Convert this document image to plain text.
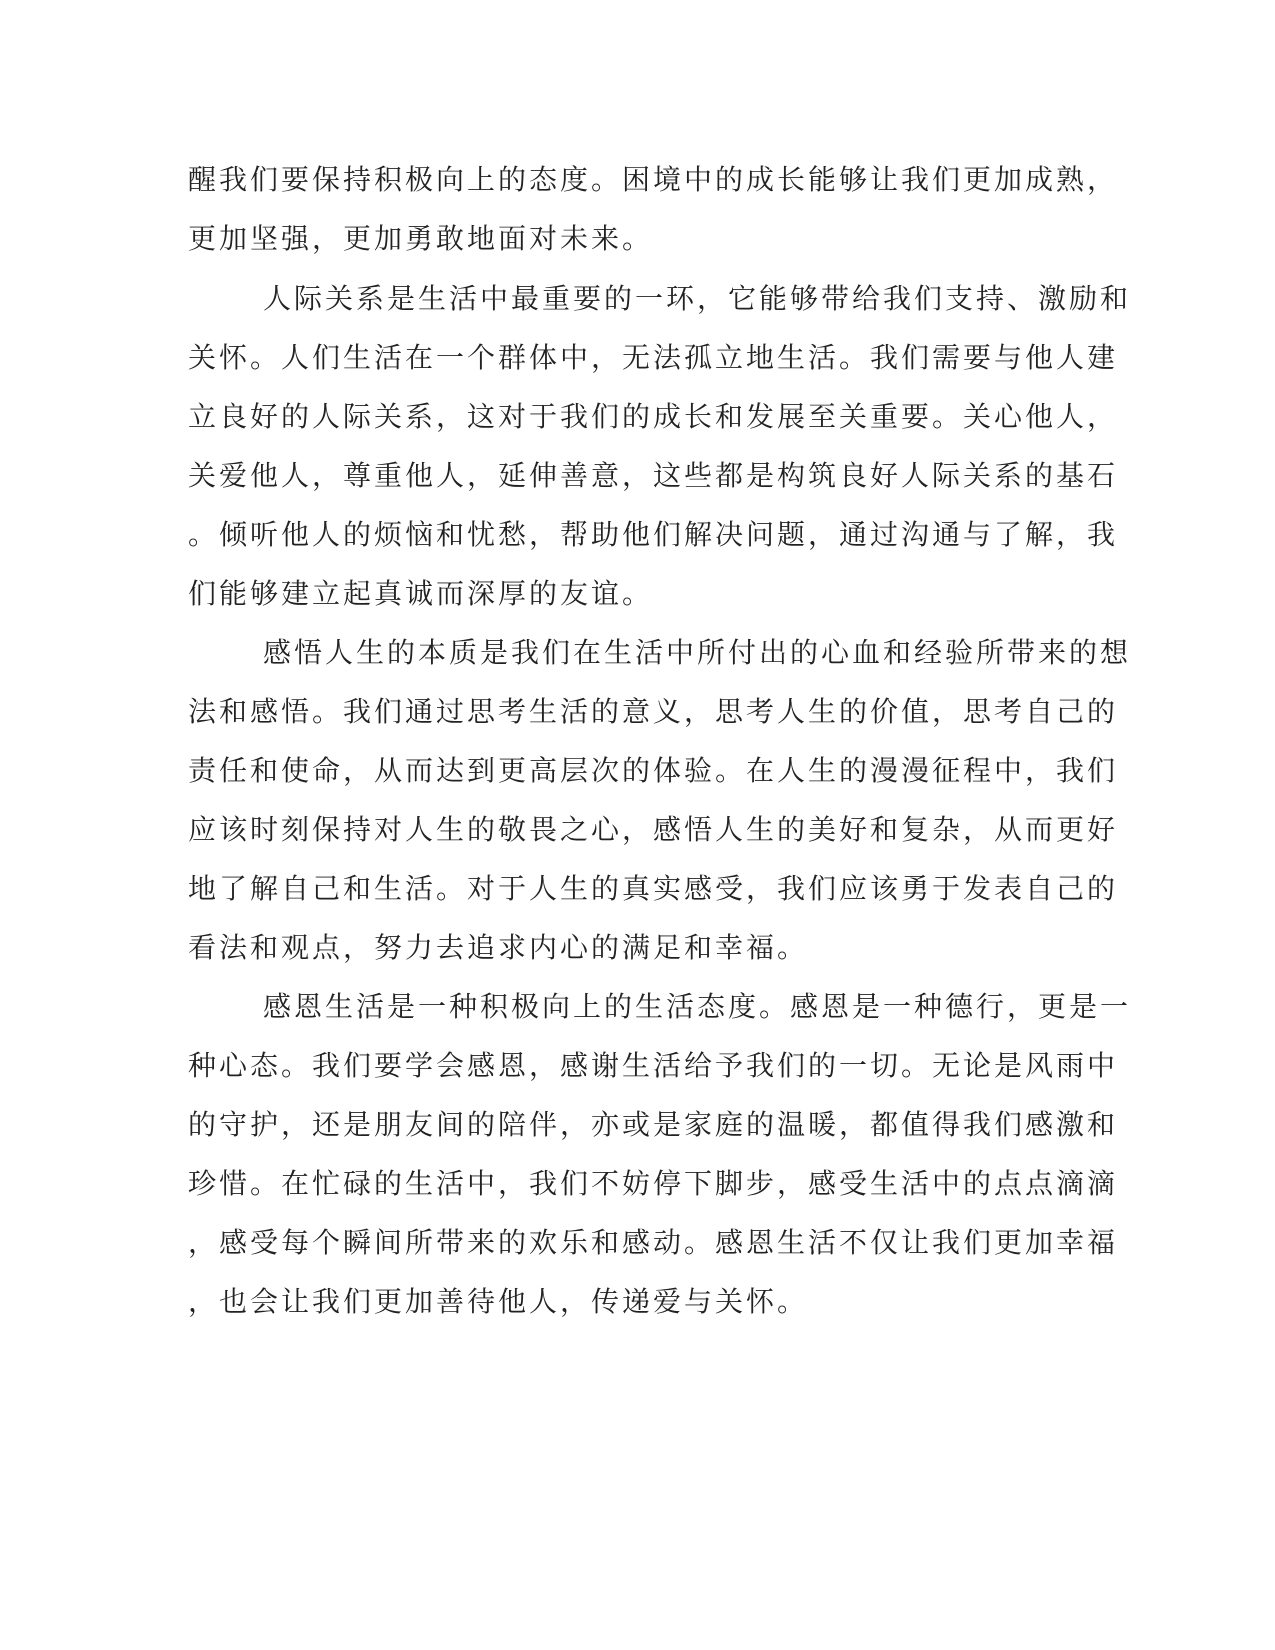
醒我们要保持积极向上的态度。困境中的成长能够让我们更加成熟，
更加坚强，更加勇敢地面对未来。
人际关系是生活中最重要的一环，它能够带给我们支持、激励和
关怀。人们生活在一个群体中，无法孤立地生活。我们需要与他人建
立良好的人际关系，这对于我们的成长和发展至关重要。关心他人，
关爱他人，尊重他人，延伸善意，这些都是构筑良好人际关系的基石
。倾听他人的烦恼和忧愁，帮助他们解决问题，通过沟通与了解，我
们能够建立起真诚而深厚的友谊。
感悟人生的本质是我们在生活中所付出的心血和经验所带来的想
法和感悟。我们通过思考生活的意义，思考人生的价值，思考自己的
责任和使命，从而达到更高层次的体验。在人生的漫漫征程中，我们
应该时刻保持对人生的敬畏之心，感悟人生的美好和复杂，从而更好
地了解自己和生活。对于人生的真实感受，我们应该勇于发表自己的
看法和观点，努力去追求内心的满足和幸福。
感恩生活是一种积极向上的生活态度。感恩是一种德行，更是一
种心态。我们要学会感恩，感谢生活给予我们的一切。无论是风雨中
的守护，还是朋友间的陪伴，亦或是家庭的温暖，都值得我们感激和
珍惜。在忙碌的生活中，我们不妨停下脚步，感受生活中的点点滴滴
，感受每个瞬间所带来的欢乐和感动。感恩生活不仅让我们更加幸福
，也会让我们更加善待他人，传递爱与关怀。
